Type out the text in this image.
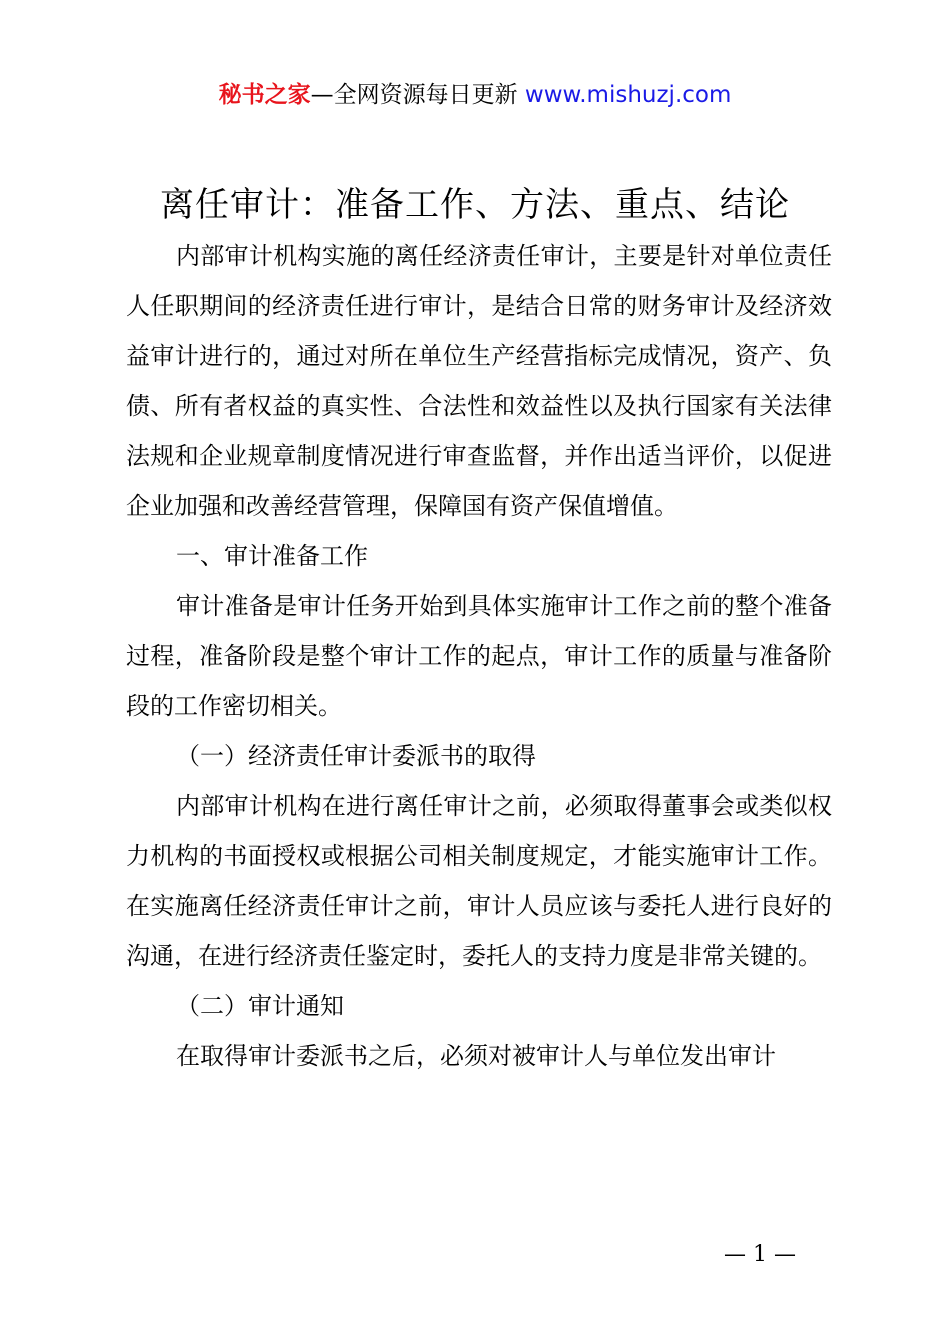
秘书之家—全网资源每日更新 www.mishuzj.com
离任审计：准备工作、方法、重点、结论

内部审计机构实施的离任经济责任审计，主要是针对单位责任人任职期间的经济责任进行审计，是结合日常的财务审计及经济效益审计进行的，通过对所在单位生产经营指标完成情况，资产、负债、所有者权益的真实性、合法性和效益性以及执行国家有关法律法规和企业规章制度情况进行审查监督，并作出适当评价，以促进企业加强和改善经营管理，保障国有资产保值增值。

一、审计准备工作

审计准备是审计任务开始到具体实施审计工作之前的整个准备过程，准备阶段是整个审计工作的起点，审计工作的质量与准备阶段的工作密切相关。

（一）经济责任审计委派书的取得

内部审计机构在进行离任审计之前，必须取得董事会或类似权力机构的书面授权或根据公司相关制度规定，才能实施审计工作。在实施离任经济责任审计之前，审计人员应该与委托人进行良好的沟通，在进行经济责任鉴定时，委托人的支持力度是非常关键的。

（二）审计通知

在取得审计委派书之后，必须对被审计人与单位发出审计

— 1 —
